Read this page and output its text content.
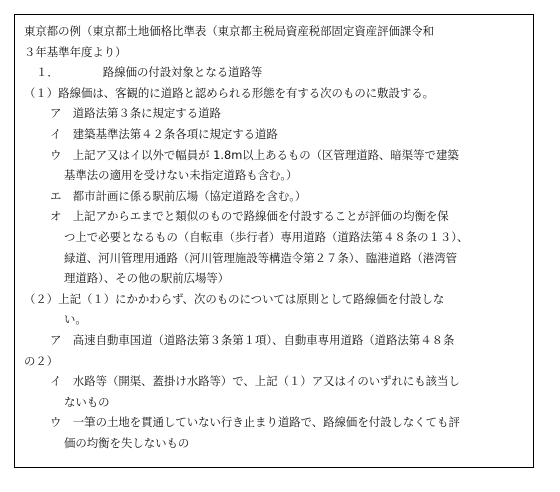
東京都の例（東京都土地価格比準表（東京都主税局資産税部固定資産評価課令和
３年基準年度より）
１．	路線価の付設対象となる道路等
（１）路線価は、客観的に道路と認められる形態を有する次のものに敷設する。
ア　道路法第３条に規定する道路
イ　建築基準法第４２条各項に規定する道路
ウ　上記ア又はイ以外で幅員が 1.8m以上あるもの（区管理道路、暗渠等で建築
基準法の適用を受けない未指定道路も含む。）
エ　都市計画に係る駅前広場（協定道路を含む。）
オ　上記アからエまでと類似のもので路線価を付設することが評価の均衡を保
つ上で必要となるもの（自転車（歩行者）専用道路（道路法第４８条の１３）、
緑道、河川管理用通路（河川管理施設等構造令第２７条）、臨港道路（港湾管
理道路）、その他の駅前広場等）
（２）上記（１）にかかわらず、次のものについては原則として路線価を付設しな
い。
ア　高速自動車国道（道路法第３条第１項）、自動車専用道路（道路法第４８条
の２）
イ　水路等（開渠、蓋掛け水路等）で、上記（１）ア又はイのいずれにも該当し
ないもの
ウ　一筆の土地を貫通していない行き止まり道路で、路線価を付設しなくても評
価の均衡を失しないもの
